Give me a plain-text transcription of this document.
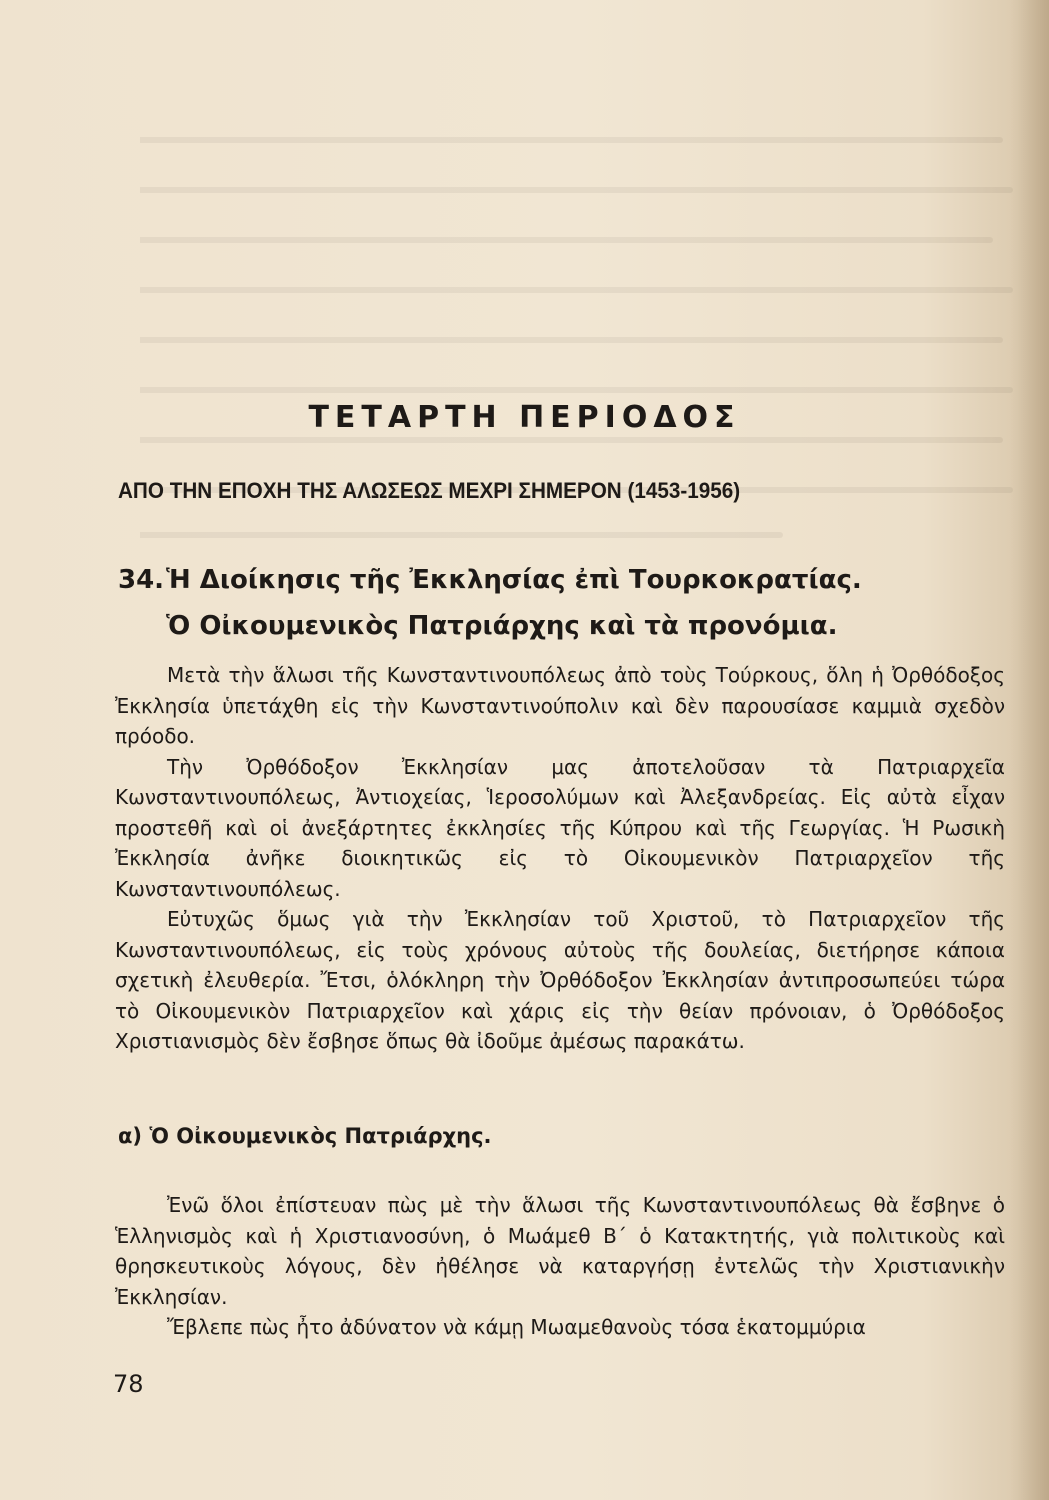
ΤΕΤΑΡΤΗ ΠΕΡΙΟΔΟΣ
ΑΠΟ ΤΗΝ ΕΠΟΧΗ ΤΗΣ ΑΛΩΣΕΩΣ ΜΕΧΡΙ ΣΗΜΕΡΟΝ (1453-1956)
34.Ἡ Διοίκησις τῆς Ἐκκλησίας ἐπὶ Τουρκοκρατίας.
Ὁ Οἰκουμενικὸς Πατριάρχης καὶ τὰ προνόμια.

Μετὰ τὴν ἅλωσι τῆς Κωνσταντινουπόλεως ἀπὸ τοὺς Τούρκους, ὅλη ἡ Ὀρθόδοξος Ἐκκλησία ὑπετάχθη εἰς τὴν Κωνσταντινούπολιν καὶ δὲν παρουσίασε καμμιὰ σχεδὸν πρόοδο.

Τὴν Ὀρθόδοξον Ἐκκλησίαν μας ἀποτελοῦσαν τὰ Πατριαρχεῖα Κωνσταντινουπόλεως, Ἀντιοχείας, Ἱεροσολύμων καὶ Ἀλεξανδρείας. Εἰς αὐτὰ εἶχαν προστεθῆ καὶ οἱ ἀνεξάρτητες ἐκκλησίες τῆς Κύπρου καὶ τῆς Γεωργίας. Ἡ Ρωσικὴ Ἐκκλησία ἀνῆκε διοικητικῶς εἰς τὸ Οἰκουμενικὸν Πατριαρχεῖον τῆς Κωνσταντινουπόλεως.

Εὐτυχῶς ὅμως γιὰ τὴν Ἐκκλησίαν τοῦ Χριστοῦ, τὸ Πατριαρχεῖον τῆς Κωνσταντινουπόλεως, εἰς τοὺς χρόνους αὐτοὺς τῆς δουλείας, διετήρησε κάποια σχετικὴ ἐλευθερία. Ἔτσι, ὁλόκληρη τὴν Ὀρθόδοξον Ἐκκλησίαν ἀντιπροσωπεύει τώρα τὸ Οἰκουμενικὸν Πατριαρχεῖον καὶ χάρις εἰς τὴν θείαν πρόνοιαν, ὁ Ὀρθόδοξος Χριστιανισμὸς δὲν ἔσβησε ὅπως θὰ ἰδοῦμε ἀμέσως παρακάτω.

α) Ὁ Οἰκουμενικὸς Πατριάρχης.

Ἐνῶ ὅλοι ἐπίστευαν πὼς μὲ τὴν ἅλωσι τῆς Κωνσταντινουπόλεως θὰ ἔσβηνε ὁ Ἑλληνισμὸς καὶ ἡ Χριστιανοσύνη, ὁ Μωάμεθ Β΄ ὁ Κατακτητής, γιὰ πολιτικοὺς καὶ θρησκευτικοὺς λόγους, δὲν ἠθέλησε νὰ καταργήσῃ ἐντελῶς τὴν Χριστιανικὴν Ἐκκλησίαν.

Ἔβλεπε πὼς ἦτο ἀδύνατον νὰ κάμῃ Μωαμεθανοὺς τόσα ἑκατομμύρια

78
